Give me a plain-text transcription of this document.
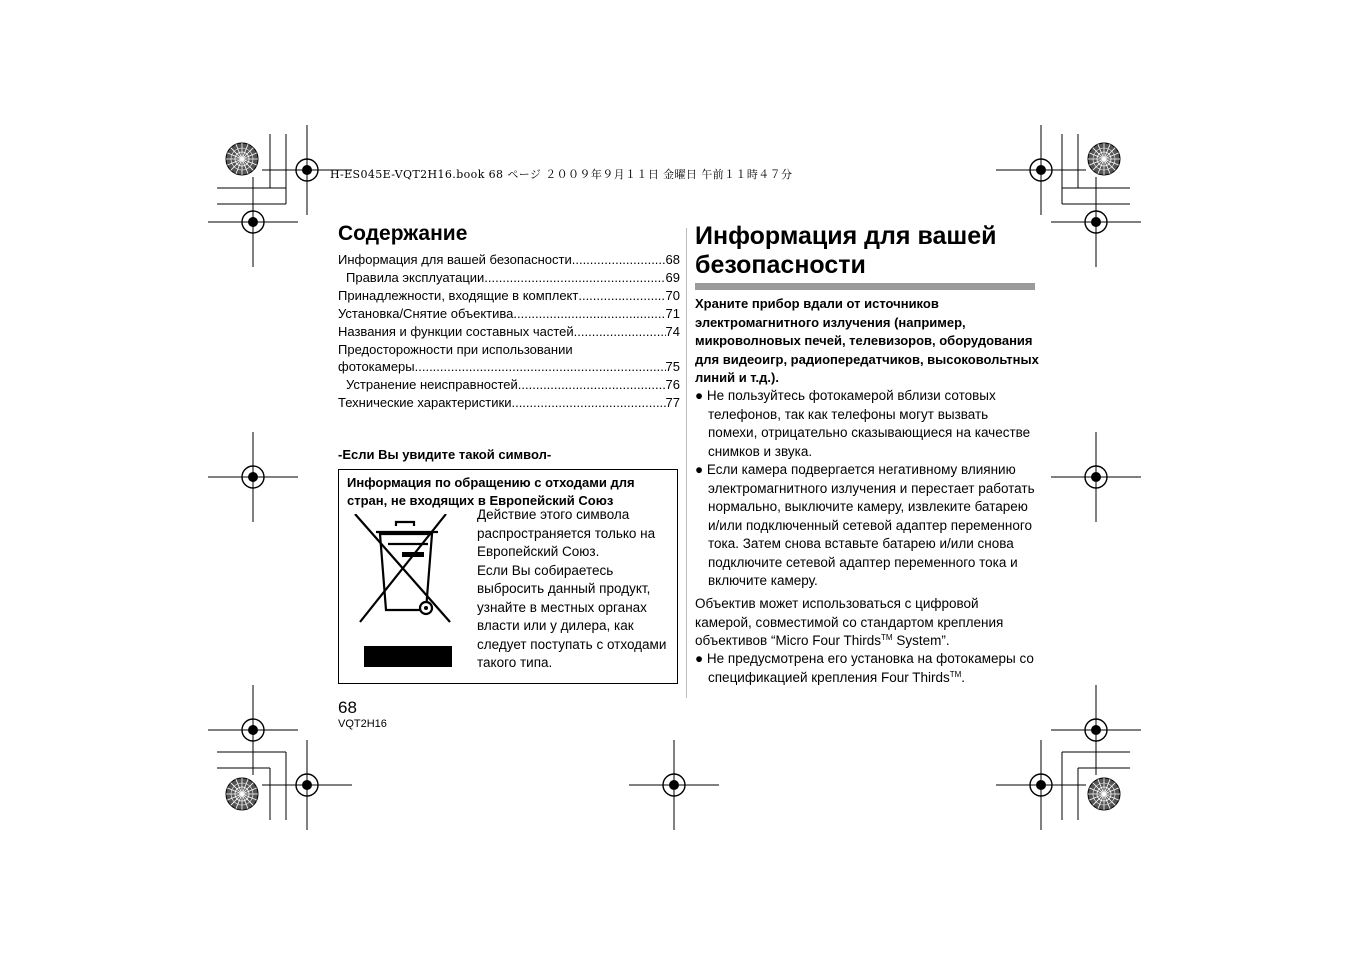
H-ES045E-VQT2H16.book 68 ページ ２００９年９月１１日 金曜日 午前１１時４７分
Содержание
Информация для вашей безопасности .....	68
Правила эксплуатации .....	69
Принадлежности, входящие в комплект .....	70
Установка/Снятие объектива .....	71
Названия и функции составных частей .....	74
Предосторожности при использовании
фотокамеры .....	75
Устранение неисправностей .....	76
Технические характеристики .....	77
-Если Вы увидите такой символ-
Информация по обращению с отходами для стран, не входящих в Европейский Союз
Действие этого символа распространяется только на Европейский Союз.
Если Вы собираетесь выбросить данный продукт, узнайте в местных органах власти или у дилера, как следует поступать с отходами такого типа.
68
VQT2H16
Информация для вашей безопасности
Храните прибор вдали от источников электромагнитного излучения (например, микроволновых печей, телевизоров, оборудования для видеоигр, радиопередатчиков, высоковольтных линий и т.д.).
● Не пользуйтесь фотокамерой вблизи сотовых телефонов, так как телефоны могут вызвать помехи, отрицательно сказывающиеся на качестве снимков и звука.
● Если камера подвергается негативному влиянию электромагнитного излучения и перестает работать нормально, выключите камеру, извлеките батарею и/или подключенный сетевой адаптер переменного тока. Затем снова вставьте батарею и/или снова подключите сетевой адаптер переменного тока и включите камеру.
Объектив может использоваться с цифровой камерой, совместимой со стандартом крепления объективов “Micro Four Thirds™ System”.
● Не предусмотрена его установка на фотокамеры со спецификацией крепления Four Thirds™.
